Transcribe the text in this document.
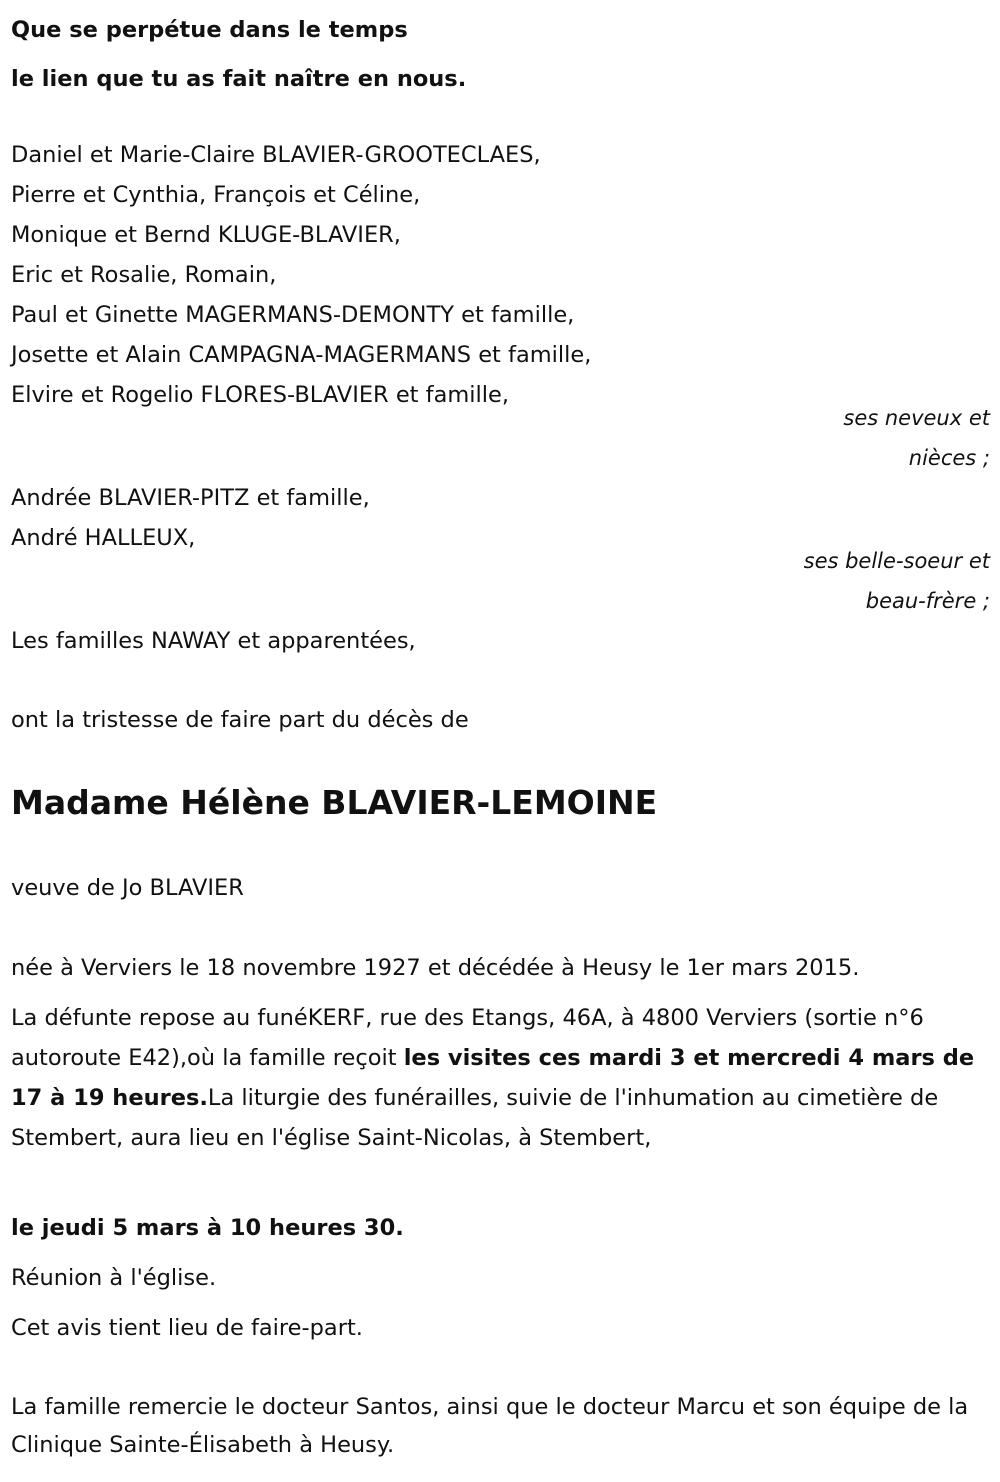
Que se perpétue dans le temps
le lien que tu as fait naître en nous.
Daniel et Marie-Claire BLAVIER-GROOTECLAES,
Pierre et Cynthia, François et Céline,
Monique et Bernd KLUGE-BLAVIER,
Eric et Rosalie, Romain,
Paul et Ginette MAGERMANS-DEMONTY et famille,
Josette et Alain CAMPAGNA-MAGERMANS et famille,
Elvire et Rogelio FLORES-BLAVIER et famille,
ses neveux et
nièces ;
Andrée BLAVIER-PITZ et famille,
André HALLEUX,
ses belle-soeur et
beau-frère ;
Les familles NAWAY et apparentées,
ont la tristesse de faire part du décès de
Madame Hélène BLAVIER-LEMOINE
veuve de Jo BLAVIER
née à Verviers le 18 novembre 1927 et décédée à Heusy le 1er mars 2015.
La défunte repose au funéKERF, rue des Etangs, 46A, à 4800 Verviers (sortie n°6 autoroute E42),où la famille reçoit les visites ces mardi 3 et mercredi 4 mars de 17 à 19 heures.La liturgie des funérailles, suivie de l'inhumation au cimetière de Stembert, aura lieu en l'église Saint-Nicolas, à Stembert,
le jeudi 5 mars à 10 heures 30.
Réunion à l'église.
Cet avis tient lieu de faire-part.
La famille remercie le docteur Santos, ainsi que le docteur Marcu et son équipe de la Clinique Sainte-Élisabeth à Heusy.
